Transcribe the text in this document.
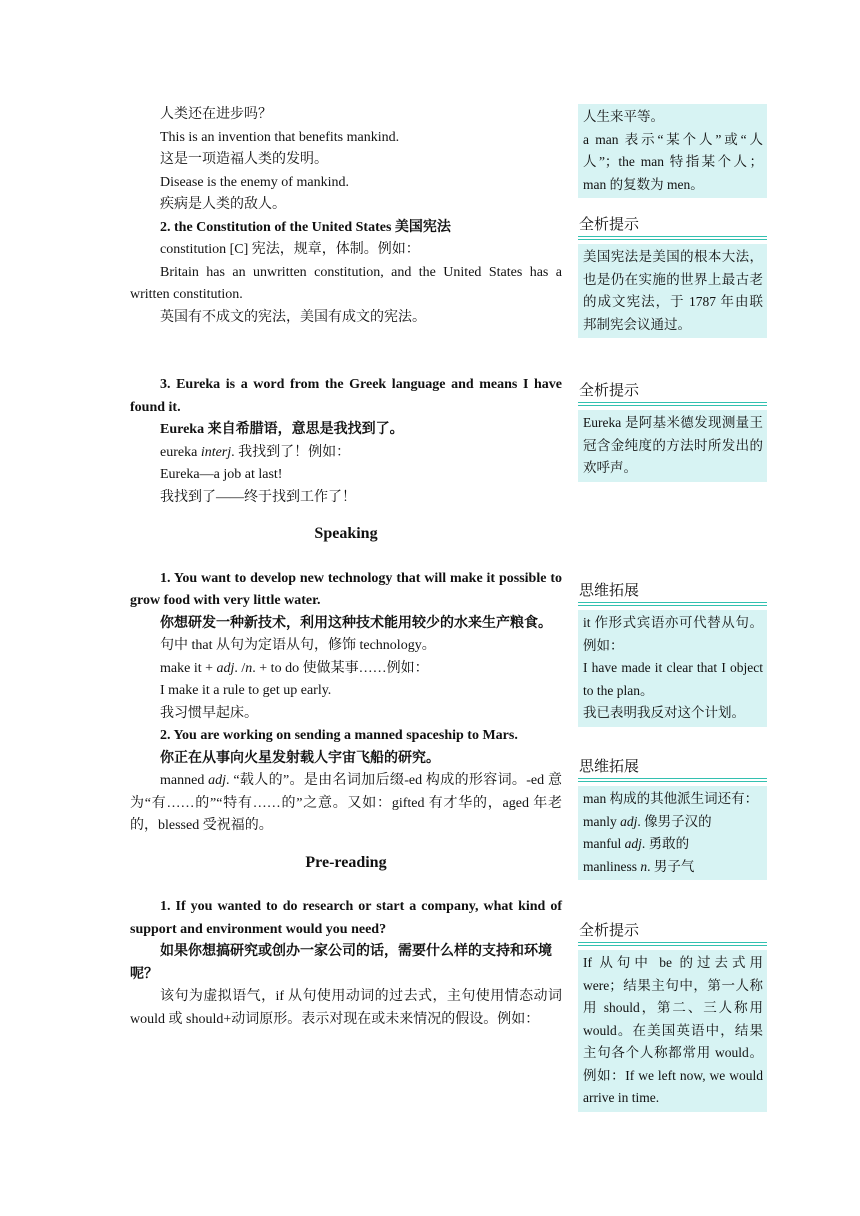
人类还在进步吗？

This is an invention that benefits mankind.

这是一项造福人类的发明。

Disease is the enemy of mankind.

疾病是人类的敌人。

2. the Constitution of the United States 美国宪法

constitution [C] 宪法，规章，体制。例如：

Britain has an unwritten constitution, and the United States has a written constitution.

英国有不成文的宪法，美国有成文的宪法。

3. Eureka is a word from the Greek language and means I have found it.

Eureka 来自希腊语，意思是我找到了。

eureka interj. 我找到了！例如：

Eureka—a job at last!

我找到了——终于找到工作了！

Speaking

1. You want to develop new technology that will make it possible to grow food with very little water.

你想研发一种新技术，利用这种技术能用较少的水来生产粮食。

句中 that 从句为定语从句，修饰 technology。

make it + adj. /n. + to do 使做某事……例如：

I make it a rule to get up early.

我习惯早起床。

2. You are working on sending a manned spaceship to Mars.

你正在从事向火星发射载人宇宙飞船的研究。

manned adj. “载人的”。是由名词加后缀-ed 构成的形容词。-ed 意为“有……的”“特有……的”之意。又如：gifted 有才华的，aged 年老的，blessed 受祝福的。

Pre-reading

1. If you wanted to do research or start a company, what kind of support and environment would you need?

如果你想搞研究或创办一家公司的话，需要什么样的支持和环境呢？

该句为虚拟语气，if 从句使用动词的过去式，主句使用情态动词 would 或 should+动词原形。表示对现在或未来情况的假设。例如：

人生来平等。
a man 表示“某个人”或“人人”；the man 特指某个人；man 的复数为 men。
全析提示
美国宪法是美国的根本大法，也是仍在实施的世界上最古老的成文宪法，于 1787 年由联邦制宪会议通过。
全析提示
Eureka 是阿基米德发现测量王冠含金纯度的方法时所发出的欢呼声。
思维拓展

it 作形式宾语亦可代替从句。例如：

I have made it clear that I object to the plan。

我已表明我反对这个计划。

思维拓展

man 构成的其他派生词还有：

manly adj. 像男子汉的

manful adj. 勇敢的

manliness n. 男子气

全析提示
If 从句中 be 的过去式用 were；结果主句中，第一人称用 should，第二、三人称用 would。在美国英语中，结果主句各个人称都常用 would。例如：If we left now, we would arrive in time.
